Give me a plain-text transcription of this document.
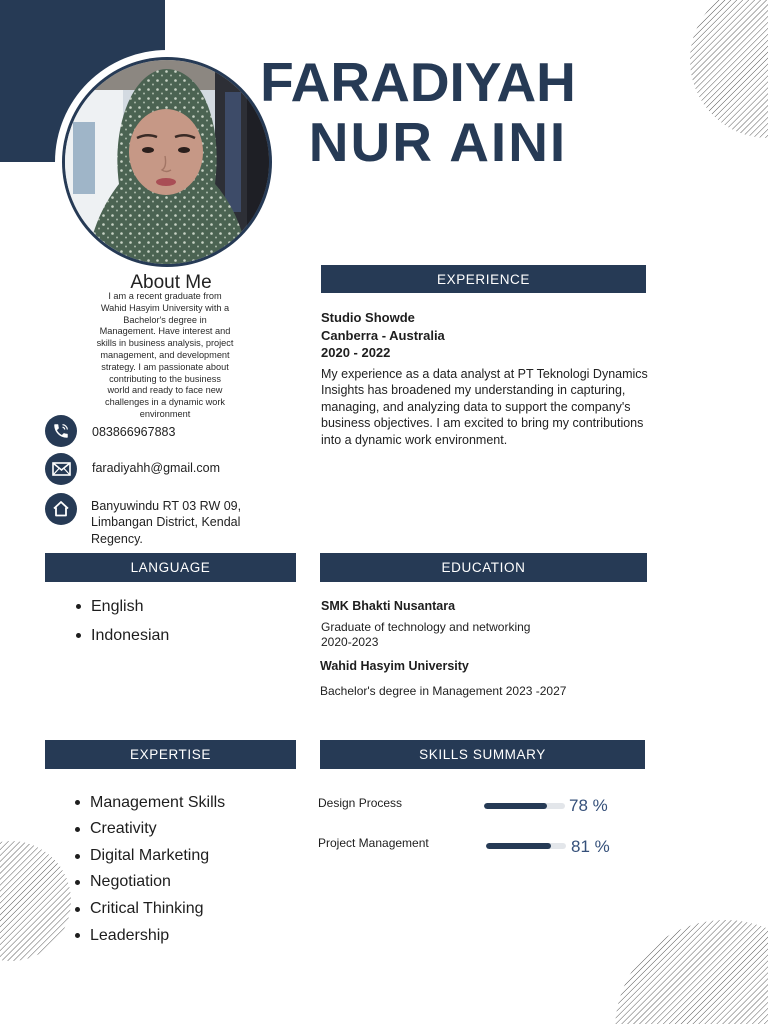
FARADIYAH
NUR AINI
About Me
I am a recent graduate from
Wahid Hasyim University with a
Bachelor's degree in
Management. Have interest and
skills in business analysis, project
management, and development
strategy. I am passionate about
contributing to the business
world and ready to face new
challenges in a dynamic work
environment
083866967883
faradiyahh@gmail.com
Banyuwindu RT 03 RW 09,
Limbangan District, Kendal
Regency.
EXPERIENCE
Studio Showde
Canberra - Australia
2020 - 2022
My experience as a data analyst at PT Teknologi Dynamics
Insights has broadened my understanding in capturing,
managing, and analyzing data to support the company's
business objectives. I am excited to bring my contributions
into a dynamic work environment.
LANGUAGE
English
Indonesian
EDUCATION
SMK Bhakti Nusantara
Graduate of technology and networking
2020-2023
Wahid Hasyim University
Bachelor's degree in Management 2023 -2027
EXPERTISE
Management Skills
Creativity
Digital Marketing
Negotiation
Critical Thinking
Leadership
SKILLS SUMMARY
Design Process	78 %
Project Management	81 %
